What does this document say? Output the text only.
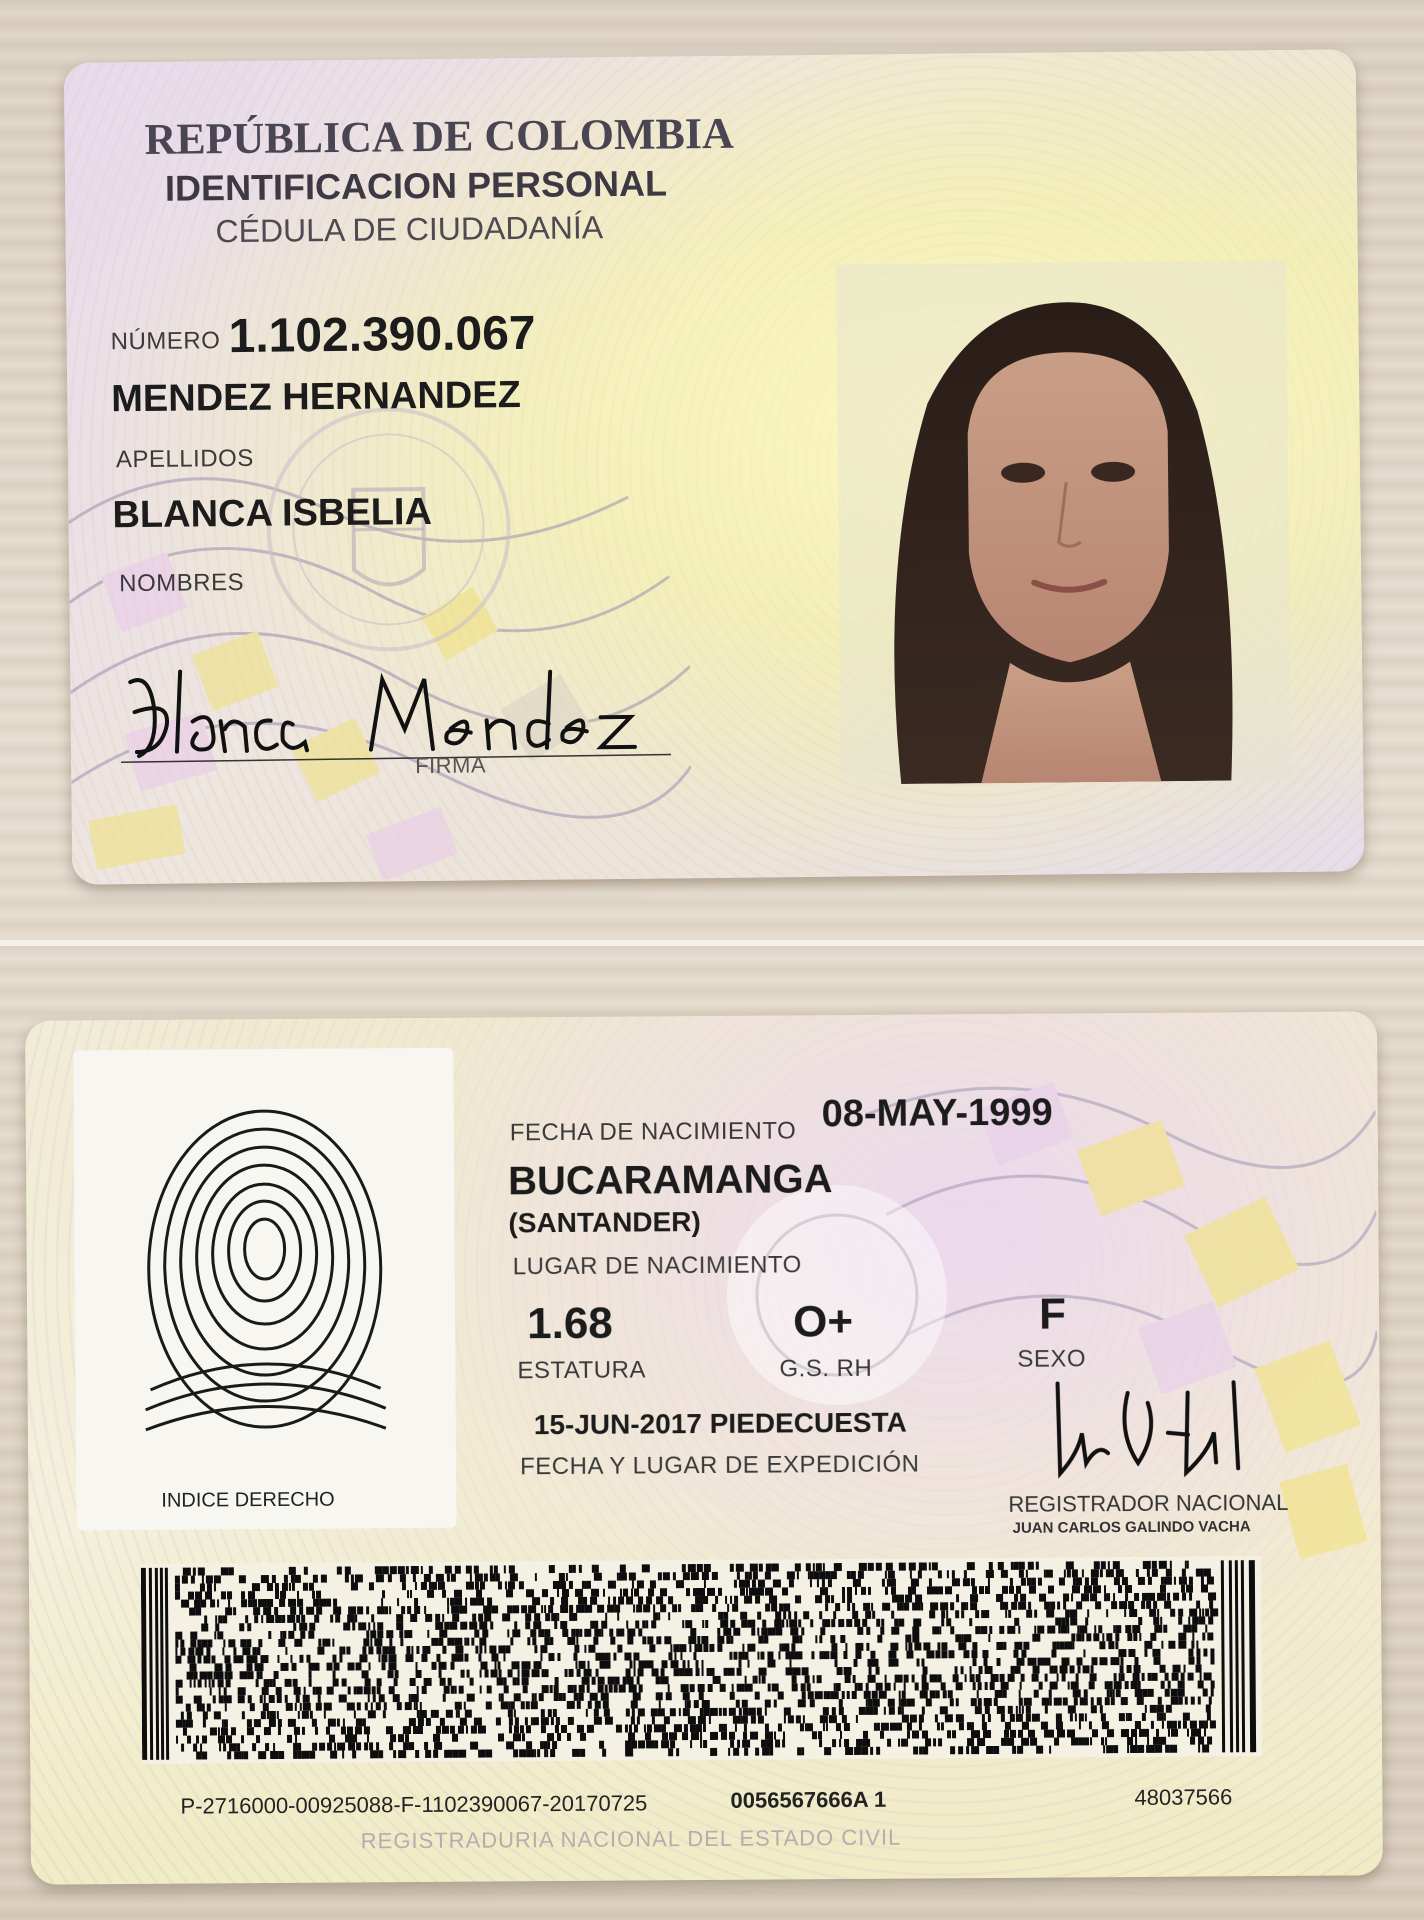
REPÚBLICA DE COLOMBIA
IDENTIFICACION PERSONAL
CÉDULA DE CIUDADANÍA
NÚMERO 1.102.390.067
MENDEZ HERNANDEZ
APELLIDOS
BLANCA ISBELIA
NOMBRES
FIRMA
INDICE DERECHO
FECHA DE NACIMIENTO 08-MAY-1999
BUCARAMANGA
(SANTANDER)
LUGAR DE NACIMIENTO
1.68
ESTATURA
O+
G.S. RH
F
SEXO
15-JUN-2017 PIEDECUESTA
FECHA Y LUGAR DE EXPEDICIÓN
REGISTRADOR NACIONAL
JUAN CARLOS GALINDO VACHA
P-2716000-00925088-F-1102390067-20170725	0056567666A 1	48037566
REGISTRADURIA NACIONAL DEL ESTADO CIVIL
